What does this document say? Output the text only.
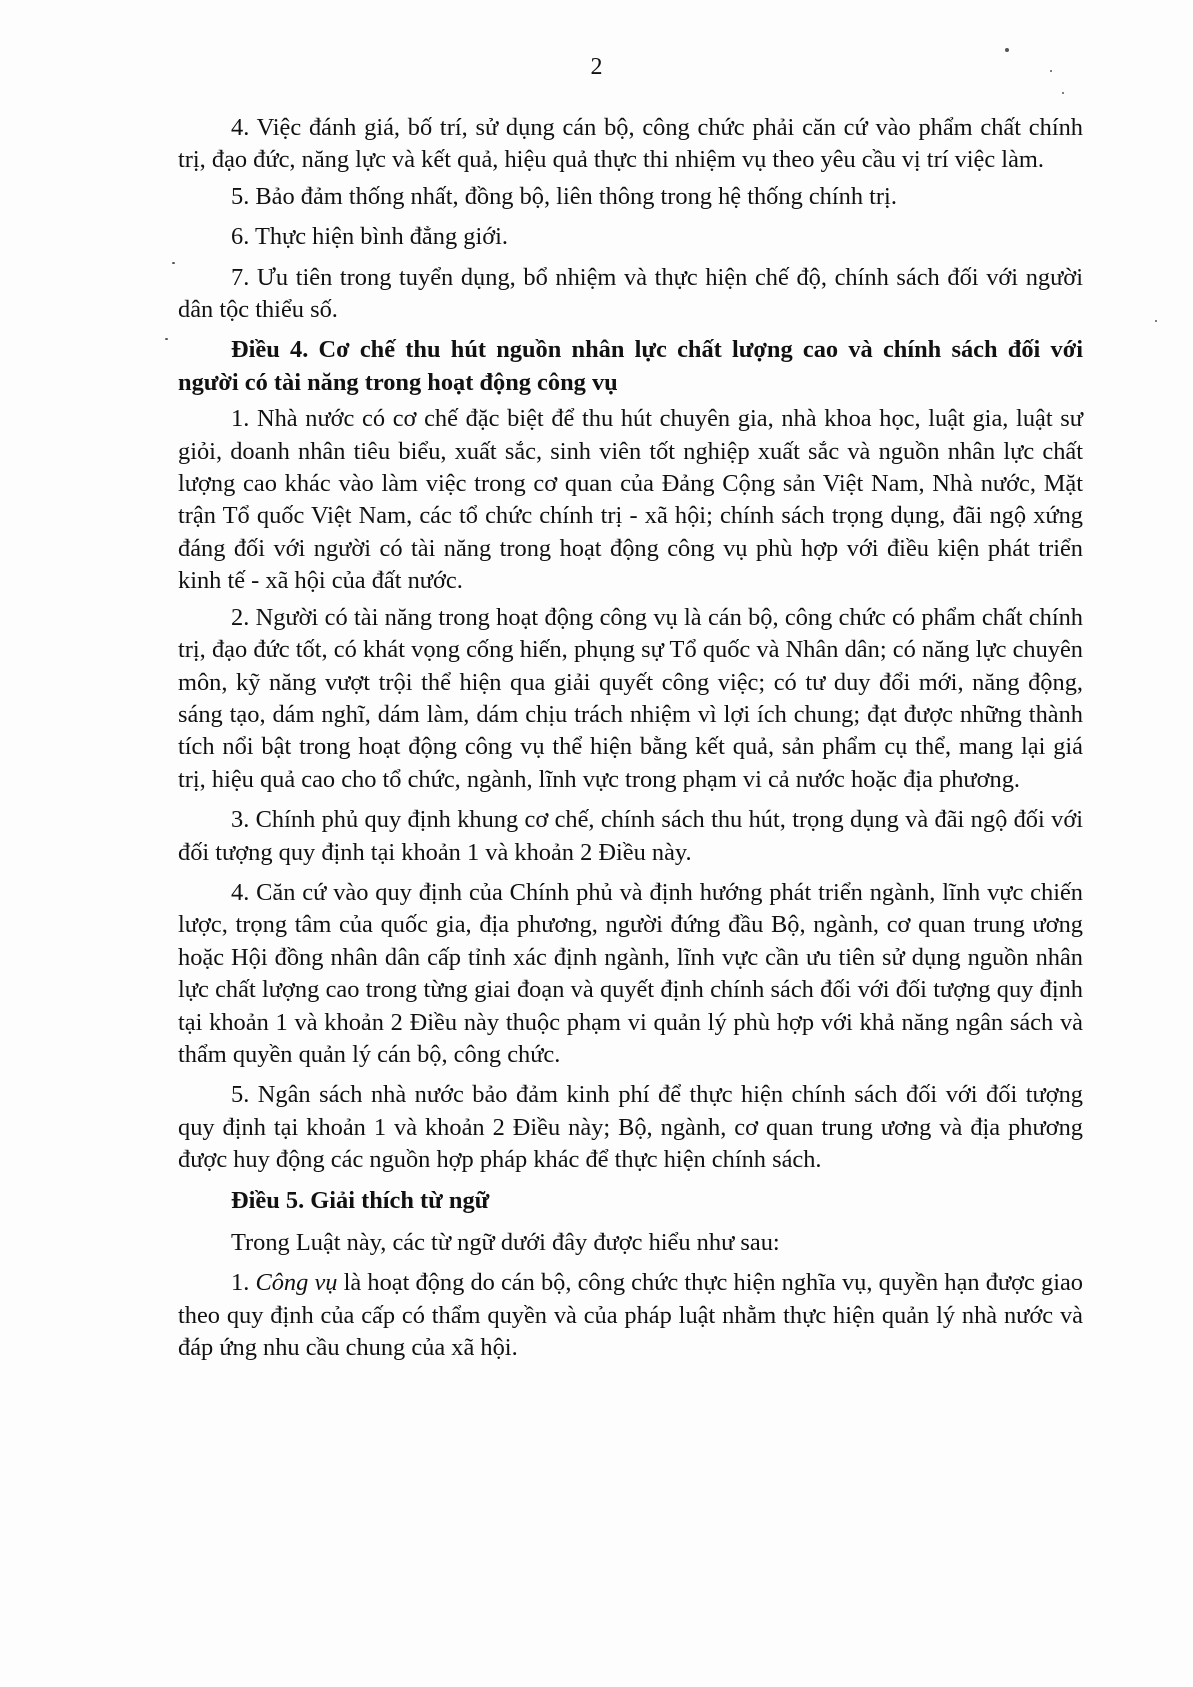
2

4. Việc đánh giá, bố trí, sử dụng cán bộ, công chức phải căn cứ vào phẩm chất chính trị, đạo đức, năng lực và kết quả, hiệu quả thực thi nhiệm vụ theo yêu cầu vị trí việc làm.

5. Bảo đảm thống nhất, đồng bộ, liên thông trong hệ thống chính trị.

6. Thực hiện bình đẳng giới.

7. Ưu tiên trong tuyển dụng, bổ nhiệm và thực hiện chế độ, chính sách đối với người dân tộc thiểu số.

Điều 4. Cơ chế thu hút nguồn nhân lực chất lượng cao và chính sách đối với người có tài năng trong hoạt động công vụ

1. Nhà nước có cơ chế đặc biệt để thu hút chuyên gia, nhà khoa học, luật gia, luật sư giỏi, doanh nhân tiêu biểu, xuất sắc, sinh viên tốt nghiệp xuất sắc và nguồn nhân lực chất lượng cao khác vào làm việc trong cơ quan của Đảng Cộng sản Việt Nam, Nhà nước, Mặt trận Tổ quốc Việt Nam, các tổ chức chính trị - xã hội; chính sách trọng dụng, đãi ngộ xứng đáng đối với người có tài năng trong hoạt động công vụ phù hợp với điều kiện phát triển kinh tế - xã hội của đất nước.

2. Người có tài năng trong hoạt động công vụ là cán bộ, công chức có phẩm chất chính trị, đạo đức tốt, có khát vọng cống hiến, phụng sự Tổ quốc và Nhân dân; có năng lực chuyên môn, kỹ năng vượt trội thể hiện qua giải quyết công việc; có tư duy đổi mới, năng động, sáng tạo, dám nghĩ, dám làm, dám chịu trách nhiệm vì lợi ích chung; đạt được những thành tích nổi bật trong hoạt động công vụ thể hiện bằng kết quả, sản phẩm cụ thể, mang lại giá trị, hiệu quả cao cho tổ chức, ngành, lĩnh vực trong phạm vi cả nước hoặc địa phương.

3. Chính phủ quy định khung cơ chế, chính sách thu hút, trọng dụng và đãi ngộ đối với đối tượng quy định tại khoản 1 và khoản 2 Điều này.

4. Căn cứ vào quy định của Chính phủ và định hướng phát triển ngành, lĩnh vực chiến lược, trọng tâm của quốc gia, địa phương, người đứng đầu Bộ, ngành, cơ quan trung ương hoặc Hội đồng nhân dân cấp tỉnh xác định ngành, lĩnh vực cần ưu tiên sử dụng nguồn nhân lực chất lượng cao trong từng giai đoạn và quyết định chính sách đối với đối tượng quy định tại khoản 1 và khoản 2 Điều này thuộc phạm vi quản lý phù hợp với khả năng ngân sách và thẩm quyền quản lý cán bộ, công chức.

5. Ngân sách nhà nước bảo đảm kinh phí để thực hiện chính sách đối với đối tượng quy định tại khoản 1 và khoản 2 Điều này; Bộ, ngành, cơ quan trung ương và địa phương được huy động các nguồn hợp pháp khác để thực hiện chính sách.

Điều 5. Giải thích từ ngữ

Trong Luật này, các từ ngữ dưới đây được hiểu như sau:

1. Công vụ là hoạt động do cán bộ, công chức thực hiện nghĩa vụ, quyền hạn được giao theo quy định của cấp có thẩm quyền và của pháp luật nhằm thực hiện quản lý nhà nước và đáp ứng nhu cầu chung của xã hội.
